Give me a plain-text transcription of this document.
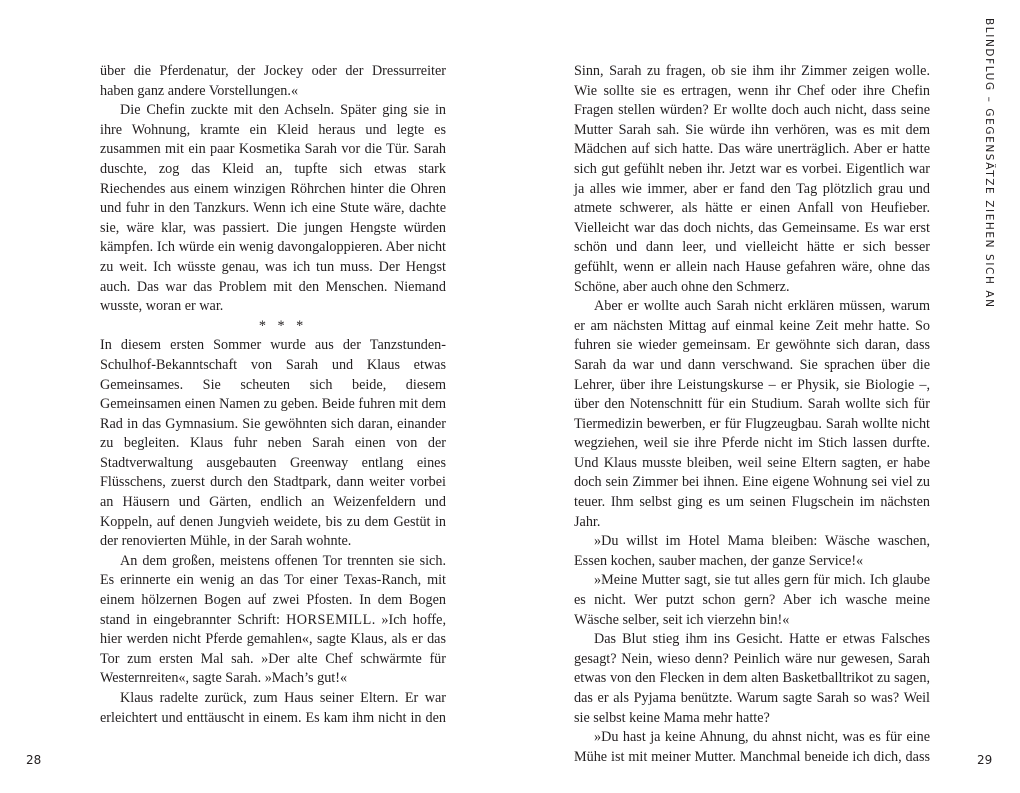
über die Pferdenatur, der Jockey oder der Dressurreiter haben ganz andere Vorstellungen.«

Die Chefin zuckte mit den Achseln. Später ging sie in ihre Wohnung, kramte ein Kleid heraus und legte es zusammen mit ein paar Kosmetika Sarah vor die Tür. Sarah duschte, zog das Kleid an, tupfte sich etwas stark Riechendes aus einem winzigen Röhrchen hinter die Ohren und fuhr in den Tanzkurs. Wenn ich eine Stute wäre, dachte sie, wäre klar, was passiert. Die jungen Hengste würden kämpfen. Ich würde ein wenig davongaloppieren. Aber nicht zu weit. Ich wüsste genau, was ich tun muss. Der Hengst auch. Das war das Problem mit den Menschen. Niemand wusste, woran er war.

* * *

In diesem ersten Sommer wurde aus der Tanzstunden-Schulhof-Bekanntschaft von Sarah und Klaus etwas Gemeinsames. Sie scheuten sich beide, diesem Gemeinsamen einen Namen zu geben. Beide fuhren mit dem Rad in das Gymnasium. Sie gewöhnten sich daran, einander zu begleiten. Klaus fuhr neben Sarah einen von der Stadtverwaltung ausgebauten Greenway entlang eines Flüsschens, zuerst durch den Stadtpark, dann weiter vorbei an Häusern und Gärten, endlich an Weizenfeldern und Koppeln, auf denen Jungvieh weidete, bis zu dem Gestüt in der renovierten Mühle, in der Sarah wohnte.

An dem großen, meistens offenen Tor trennten sie sich. Es erinnerte ein wenig an das Tor einer Texas-Ranch, mit einem hölzernen Bogen auf zwei Pfosten. In dem Bogen stand in eingebrannter Schrift: HORSEMILL. »Ich hoffe, hier werden nicht Pferde gemahlen«, sagte Klaus, als er das Tor zum ersten Mal sah. »Der alte Chef schwärmte für Westernreiten«, sagte Sarah. »Mach’s gut!«

Klaus radelte zurück, zum Haus seiner Eltern. Er war erleichtert und enttäuscht in einem. Es kam ihm nicht in den

28

Sinn, Sarah zu fragen, ob sie ihm ihr Zimmer zeigen wolle. Wie sollte sie es ertragen, wenn ihr Chef oder ihre Chefin Fragen stellen würden? Er wollte doch auch nicht, dass seine Mutter Sarah sah. Sie würde ihn verhören, was es mit dem Mädchen auf sich hatte. Das wäre unerträglich. Aber er hatte sich gut gefühlt neben ihr. Jetzt war es vorbei. Eigentlich war ja alles wie immer, aber er fand den Tag plötzlich grau und atmete schwerer, als hätte er einen Anfall von Heufieber. Vielleicht war das doch nichts, das Gemeinsame. Es war erst schön und dann leer, und vielleicht hätte er sich besser gefühlt, wenn er allein nach Hause gefahren wäre, ohne das Schöne, aber auch ohne den Schmerz.

Aber er wollte auch Sarah nicht erklären müssen, warum er am nächsten Mittag auf einmal keine Zeit mehr hatte. So fuhren sie wieder gemeinsam. Er gewöhnte sich daran, dass Sarah da war und dann verschwand. Sie sprachen über die Lehrer, über ihre Leistungskurse – er Physik, sie Biologie –, über den Notenschnitt für ein Studium. Sarah wollte sich für Tiermedizin bewerben, er für Flugzeugbau. Sarah wollte nicht wegziehen, weil sie ihre Pferde nicht im Stich lassen durfte. Und Klaus musste bleiben, weil seine Eltern sagten, er habe doch sein Zimmer bei ihnen. Eine eigene Wohnung sei viel zu teuer. Ihm selbst ging es um seinen Flugschein im nächsten Jahr.

»Du willst im Hotel Mama bleiben: Wäsche waschen, Essen kochen, sauber machen, der ganze Service!«

»Meine Mutter sagt, sie tut alles gern für mich. Ich glaube es nicht. Wer putzt schon gern? Aber ich wasche meine Wäsche selber, seit ich vierzehn bin!«

Das Blut stieg ihm ins Gesicht. Hatte er etwas Falsches gesagt? Nein, wieso denn? Peinlich wäre nur gewesen, Sarah etwas von den Flecken in dem alten Basketballtrikot zu sagen, das er als Pyjama benützte. Warum sagte Sarah so was? Weil sie selbst keine Mama mehr hatte?

»Du hast ja keine Ahnung, du ahnst nicht, was es für eine Mühe ist mit meiner Mutter. Manchmal beneide ich dich, dass

BLINDFLUG – GEGENSÄTZE ZIEHEN SICH AN
29
